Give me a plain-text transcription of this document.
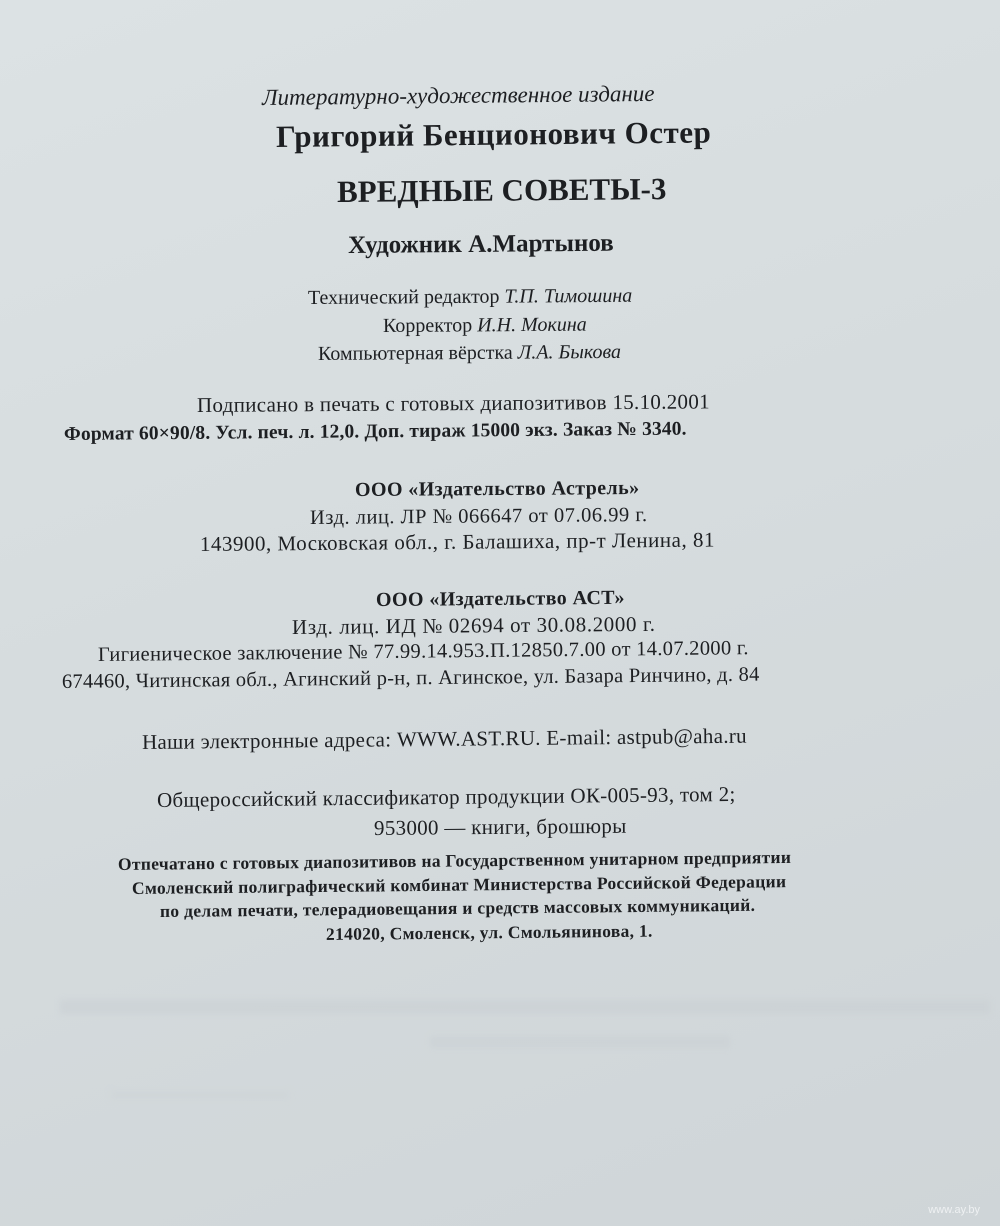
Литературно-художественное издание
Григорий Бенционович Остер
ВРЕДНЫЕ СОВЕТЫ-3
Художник А.Мартынов
Технический редактор Т.П. Тимошина
Корректор И.Н. Мокина
Компьютерная вёрстка Л.А. Быкова
Подписано в печать с готовых диапозитивов 15.10.2001
Формат 60×90/8. Усл. печ. л. 12,0. Доп. тираж 15000 экз. Заказ № 3340.
ООО «Издательство Астрель»
Изд. лиц. ЛР № 066647 от 07.06.99 г.
143900, Московская обл., г. Балашиха, пр-т Ленина, 81
ООО «Издательство АСТ»
Изд. лиц. ИД № 02694 от 30.08.2000 г.
Гигиеническое заключение № 77.99.14.953.П.12850.7.00 от 14.07.2000 г.
674460, Читинская обл., Агинский р-н, п. Агинское, ул. Базара Ринчино, д. 84
Наши электронные адреса: WWW.AST.RU. E-mail: astpub@aha.ru
Общероссийский классификатор продукции ОК-005-93, том 2;
953000 — книги, брошюры
Отпечатано с готовых диапозитивов на Государственном унитарном предприятии
Смоленский полиграфический комбинат Министерства Российской Федерации
по делам печати, телерадиовещания и средств массовых коммуникаций.
214020, Смоленск, ул. Смольянинова, 1.
www.ay.by
